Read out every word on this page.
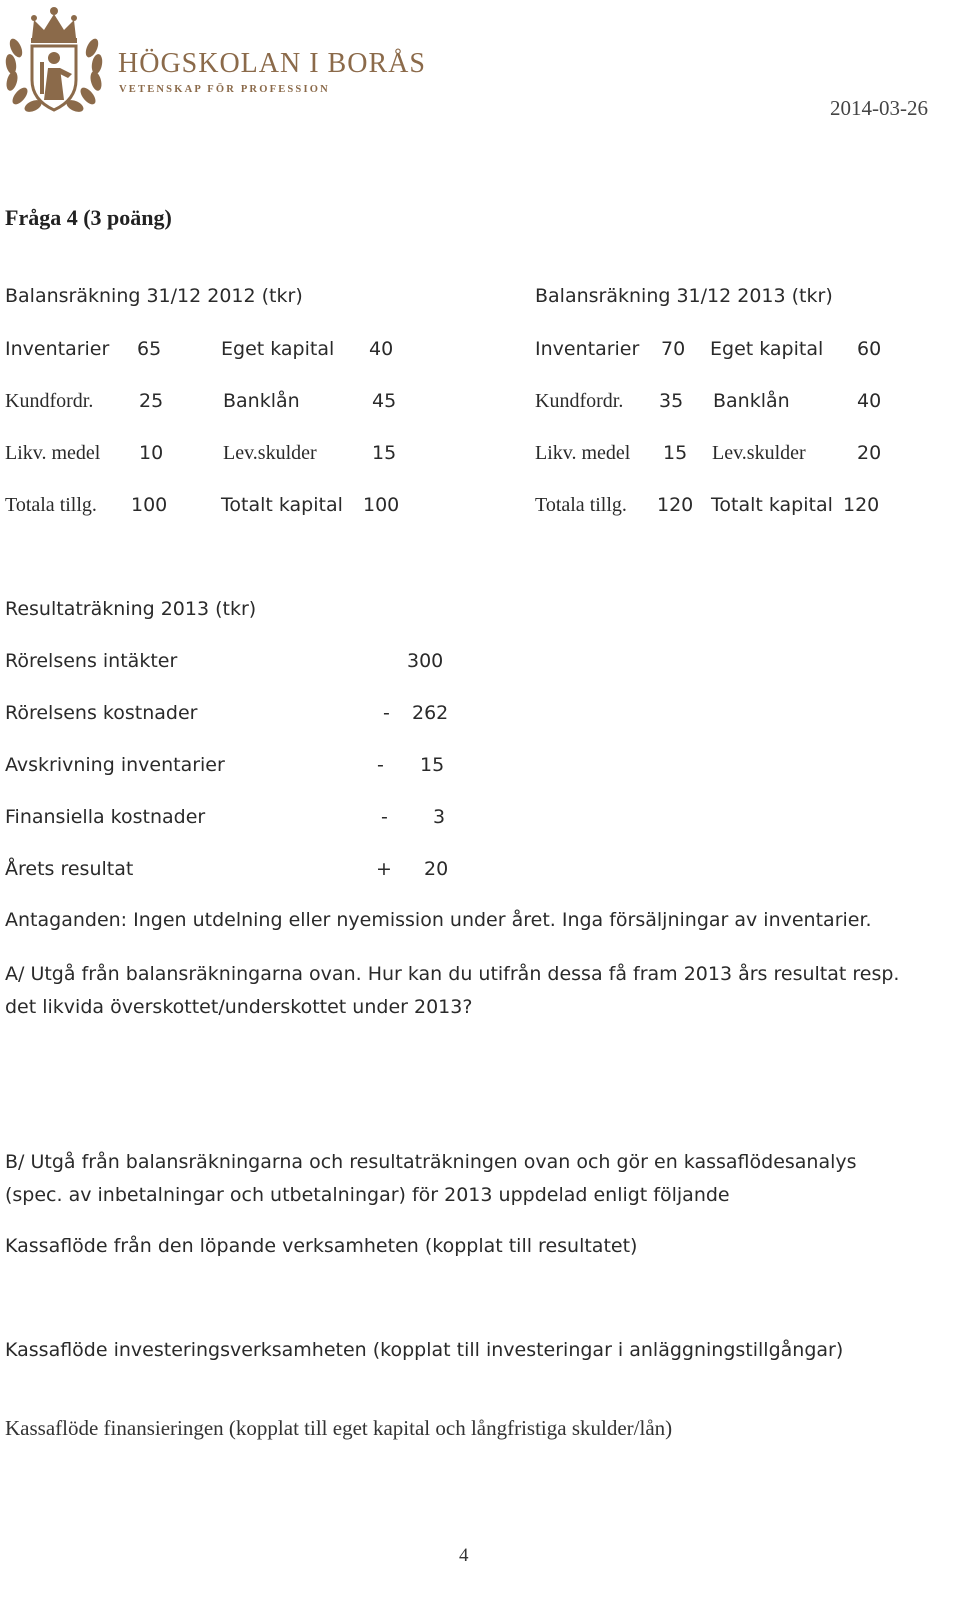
HÖGSKOLAN I BORÅS
VETENSKAP FÖR PROFESSION
2014-03-26
Fråga 4 (3 poäng)
Balansräkning 31/12 2012 (tkr)
Inventarier 65	Eget kapital 40
Kundfordr. 25	Banklån	45
Likv. medel 10	Lev.skulder	15
Totala tillg. 100	Totalt kapital 100
Balansräkning 31/12 2013 (tkr)
Inventarier 70 Eget kapital 60
Kundfordr. 35 Banklån	40
Likv. medel 15 Lev.skulder	20
Totala tillg. 120 Totalt kapital 120
Resultaträkning 2013 (tkr)
Rörelsens intäkter	300
Rörelsens kostnader	- 262
Avskrivning inventarier	- 15
Finansiella kostnader	- 3
Årets resultat	+ 20
Antaganden: Ingen utdelning eller nyemission under året. Inga försäljningar av inventarier.
A/ Utgå från balansräkningarna ovan. Hur kan du utifrån dessa få fram 2013 års resultat resp. det likvida överskottet/underskottet under 2013?
B/ Utgå från balansräkningarna och resultaträkningen ovan och gör en kassaflödesanalys (spec. av inbetalningar och utbetalningar) för 2013 uppdelad enligt följande
Kassaflöde från den löpande verksamheten (kopplat till resultatet)
Kassaflöde investeringsverksamheten (kopplat till investeringar i anläggningstillgångar)
Kassaflöde finansieringen (kopplat till eget kapital och långfristiga skulder/lån)
4
